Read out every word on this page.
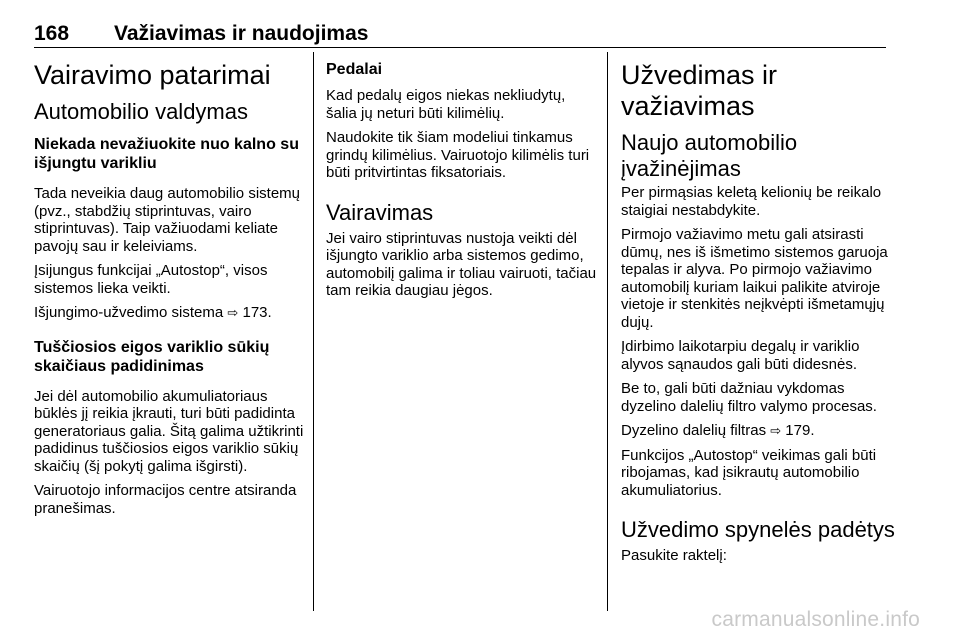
168 Važiavimas ir naudojimas
Vairavimo patarimai
Automobilio valdymas
Niekada nevažiuokite nuo kalno su išjungtu varikliu

Tada neveikia daug automobilio sistemų (pvz., stabdžių stiprintuvas, vairo stiprintuvas). Taip važiuodami keliate pavojų sau ir keleiviams.

Įsijungus funkcijai „Autostop“, visos sistemos lieka veikti.

Išjungimo-užvedimo sistema ⇨ 173.

Tuščiosios eigos variklio sūkių skaičiaus padidinimas

Jei dėl automobilio akumuliatoriaus būklės jį reikia įkrauti, turi būti padidinta generatoriaus galia. Šitą galima užtikrinti padidinus tuščiosios eigos variklio sūkių skaičių (šį pokytį galima išgirsti).

Vairuotojo informacijos centre atsiranda pranešimas.

Pedalai

Kad pedalų eigos niekas nekliudytų, šalia jų neturi būti kilimėlių.

Naudokite tik šiam modeliui tinkamus grindų kilimėlius. Vairuotojo kilimėlis turi būti pritvirtintas fiksatoriais.

Vairavimas

Jei vairo stiprintuvas nustoja veikti dėl išjungto variklio arba sistemos gedimo, automobilį galima ir toliau vairuoti, tačiau tam reikia daugiau jėgos.

Užvedimas ir važiavimas
Naujo automobilio įvažinėjimas

Per pirmąsias keletą kelionių be reikalo staigiai nestabdykite.

Pirmojo važiavimo metu gali atsirasti dūmų, nes iš išmetimo sistemos garuoja tepalas ir alyva. Po pirmojo važiavimo automobilį kuriam laikui palikite atviroje vietoje ir stenkitės neįkvėpti išmetamųjų dujų.

Įdirbimo laikotarpiu degalų ir variklio alyvos sąnaudos gali būti didesnės.

Be to, gali būti dažniau vykdomas dyzelino dalelių filtro valymo procesas.

Dyzelino dalelių filtras ⇨ 179.

Funkcijos „Autostop“ veikimas gali būti ribojamas, kad įsikrautų automobilio akumuliatorius.

Užvedimo spynelės padėtys

Pasukite raktelį:

carmanualsonline.info
